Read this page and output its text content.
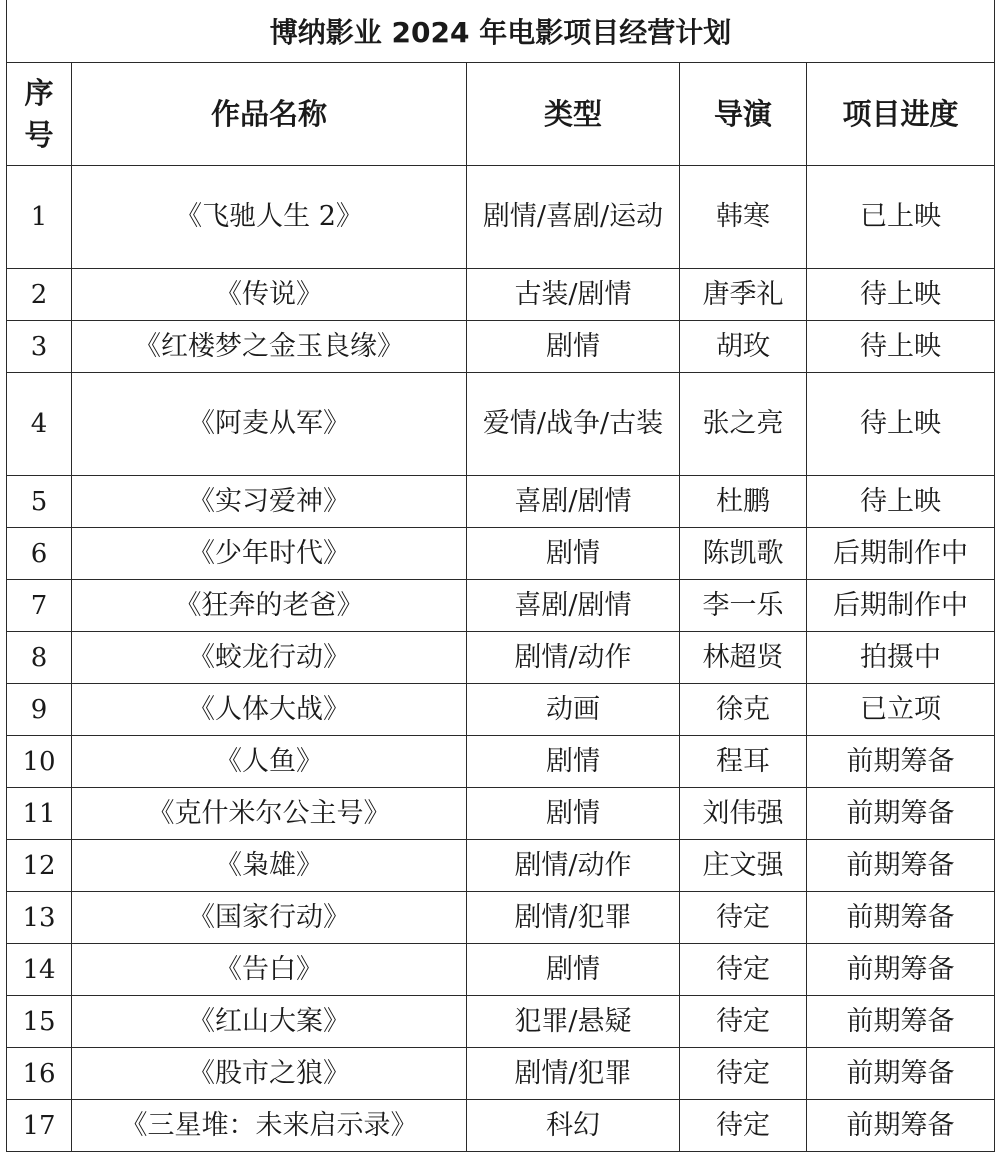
博纳影业 2024 年电影项目经营计划				
序
号	作品名称	类型	导演	项目进度
1	《飞驰人生 2》	剧情/喜剧/运动	韩寒	已上映
2	《传说》	古装/剧情	唐季礼	待上映
3	《红楼梦之金玉良缘》	剧情	胡玫	待上映
4	《阿麦从军》	爱情/战争/古装	张之亮	待上映
5	《实习爱神》	喜剧/剧情	杜鹏	待上映
6	《少年时代》	剧情	陈凯歌	后期制作中
7	《狂奔的老爸》	喜剧/剧情	李一乐	后期制作中
8	《蛟龙行动》	剧情/动作	林超贤	拍摄中
9	《人体大战》	动画	徐克	已立项
10	《人鱼》	剧情	程耳	前期筹备
11	《克什米尔公主号》	剧情	刘伟强	前期筹备
12	《枭雄》	剧情/动作	庄文强	前期筹备
13	《国家行动》	剧情/犯罪	待定	前期筹备
14	《告白》	剧情	待定	前期筹备
15	《红山大案》	犯罪/悬疑	待定	前期筹备
16	《股市之狼》	剧情/犯罪	待定	前期筹备
17	《三星堆：未来启示录》	科幻	待定	前期筹备
